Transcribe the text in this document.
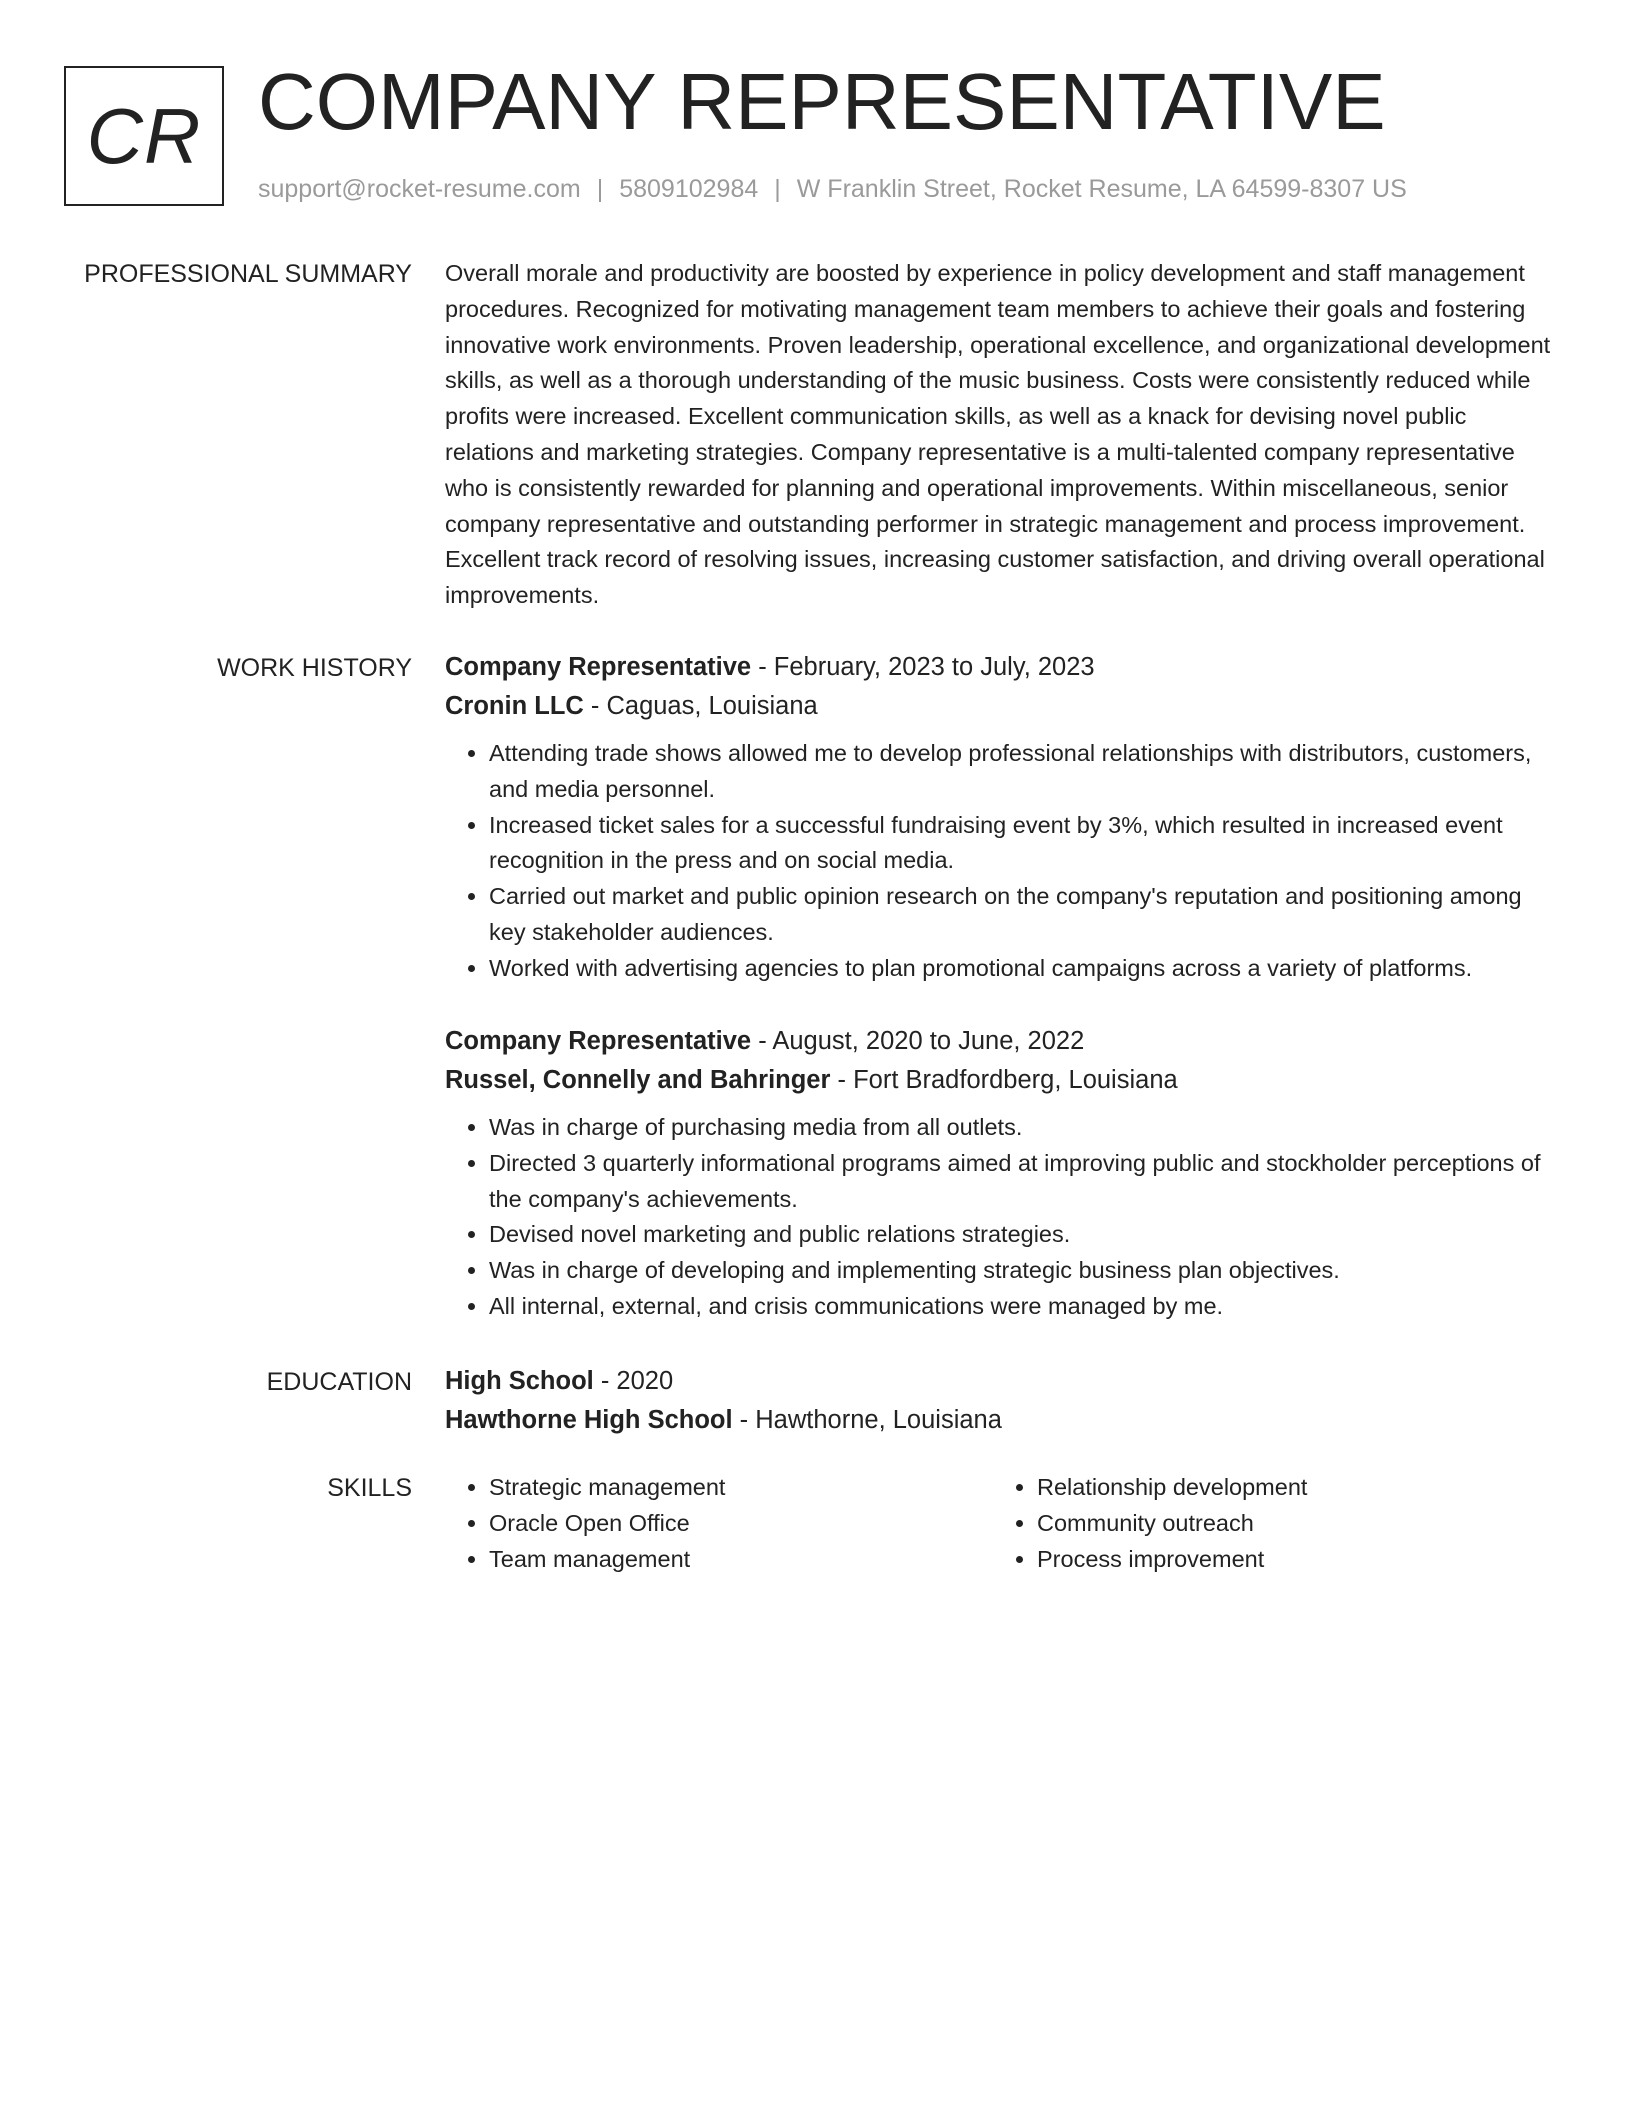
CR COMPANY REPRESENTATIVE
support@rocket-resume.com | 5809102984 | W Franklin Street, Rocket Resume, LA 64599-8307 US
PROFESSIONAL SUMMARY Overall morale and productivity are boosted by experience in policy development and staff management procedures. Recognized for motivating management team members to achieve their goals and fostering innovative work environments. Proven leadership, operational excellence, and organizational development skills, as well as a thorough understanding of the music business. Costs were consistently reduced while profits were increased. Excellent communication skills, as well as a knack for devising novel public relations and marketing strategies. Company representative is a multi-talented company representative who is consistently rewarded for planning and operational improvements. Within miscellaneous, senior company representative and outstanding performer in strategic management and process improvement. Excellent track record of resolving issues, increasing customer satisfaction, and driving overall operational improvements.

WORK HISTORY Company Representative - February, 2023 to July, 2023
Cronin LLC - Caguas, Louisiana
• Attending trade shows allowed me to develop professional relationships with distributors, customers, and media personnel.
• Increased ticket sales for a successful fundraising event by 3%, which resulted in increased event recognition in the press and on social media.
• Carried out market and public opinion research on the company's reputation and positioning among key stakeholder audiences.
• Worked with advertising agencies to plan promotional campaigns across a variety of platforms.
Company Representative - August, 2020 to June, 2022
Russel, Connelly and Bahringer - Fort Bradfordberg, Louisiana
• Was in charge of purchasing media from all outlets.
• Directed 3 quarterly informational programs aimed at improving public and stockholder perceptions of the company's achievements.
• Devised novel marketing and public relations strategies.
• Was in charge of developing and implementing strategic business plan objectives.
• All internal, external, and crisis communications were managed by me.
EDUCATION High School - 2020
Hawthorne High School - Hawthorne, Louisiana
SKILLS
•	Strategic management
• Oracle Open Office
• Team management
• Relationship development
• Community outreach
• Process improvement
